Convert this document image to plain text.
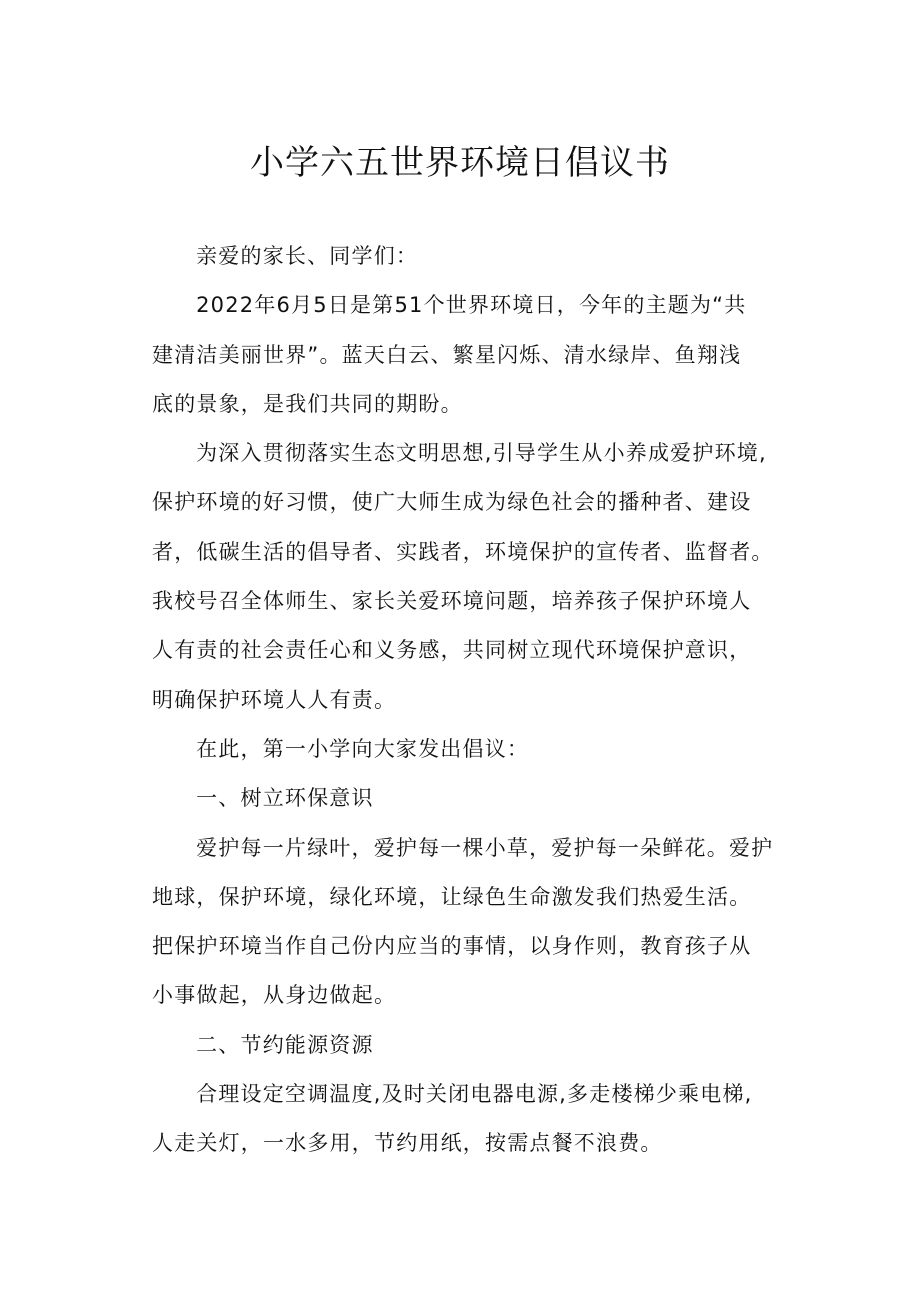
小学六五世界环境日倡议书

亲爱的家长、同学们：

2022年6月5日是第51个世界环境日，今年的主题为“共
建清洁美丽世界”。蓝天白云、繁星闪烁、清水绿岸、鱼翔浅
底的景象，是我们共同的期盼。

为深入贯彻落实生态文明思想,引导学生从小养成爱护环境,
保护环境的好习惯，使广大师生成为绿色社会的播种者、建设
者，低碳生活的倡导者、实践者，环境保护的宣传者、监督者。
我校号召全体师生、家长关爱环境问题，培养孩子保护环境人
人有责的社会责任心和义务感，共同树立现代环境保护意识，
明确保护环境人人有责。

在此，第一小学向大家发出倡议：

一、树立环保意识

爱护每一片绿叶，爱护每一棵小草，爱护每一朵鲜花。爱护
地球，保护环境，绿化环境，让绿色生命激发我们热爱生活。
把保护环境当作自己份内应当的事情，以身作则，教育孩子从
小事做起，从身边做起。

二、节约能源资源

合理设定空调温度,及时关闭电器电源,多走楼梯少乘电梯,
人走关灯，一水多用，节约用纸，按需点餐不浪费。
